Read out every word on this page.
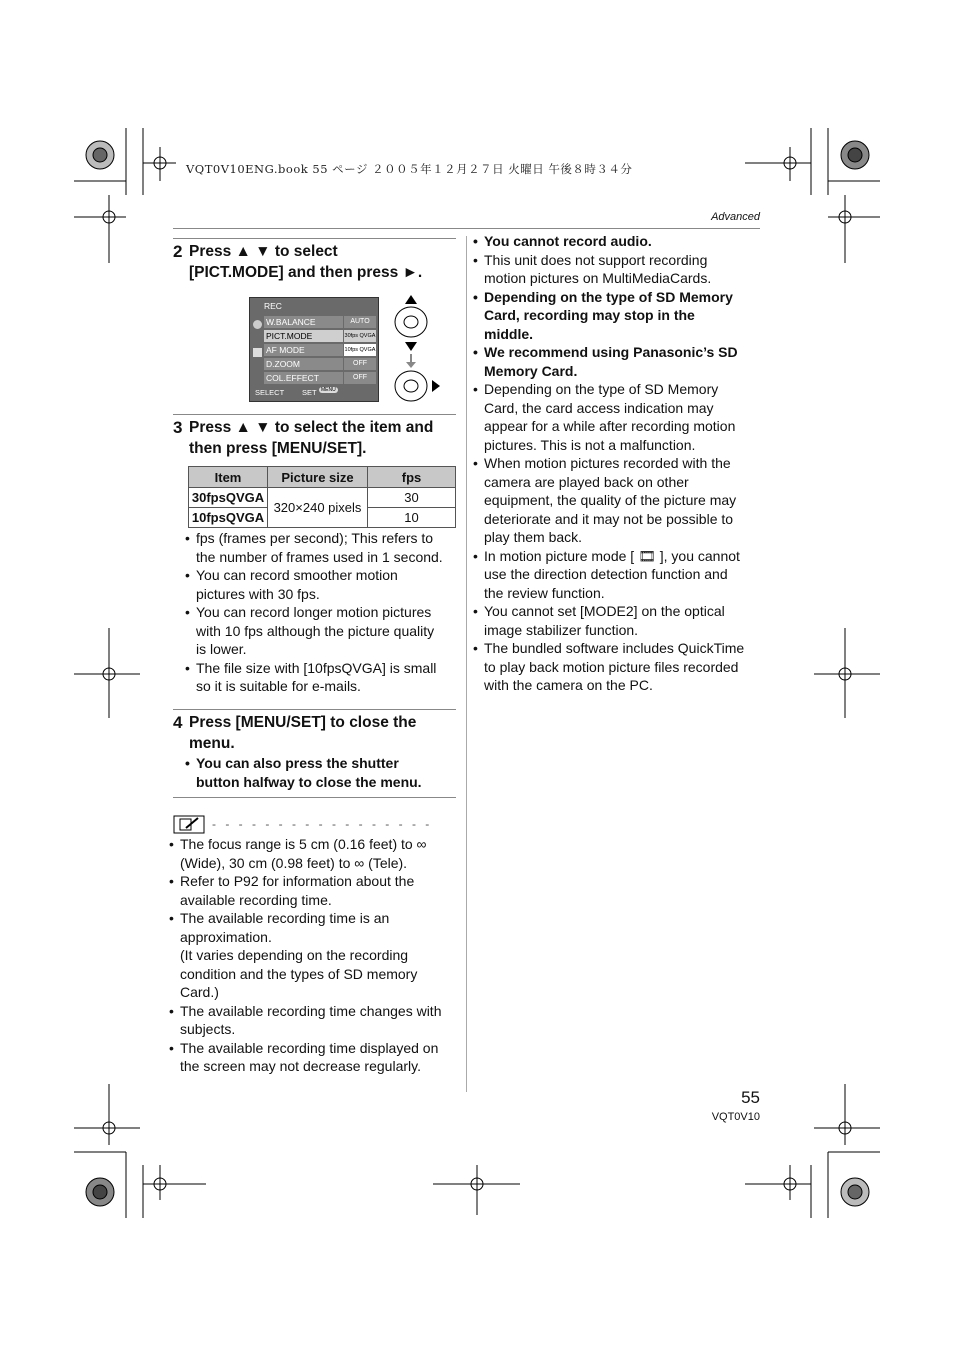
VQT0V10ENG.book 55 ページ ２００５年１２月２７日 火曜日 午後８時３４分
Advanced
2 Press ▲ ▼ to select
[PICT.MODE] and then press ►.
REC
W.BALANCE	AUTO
PICT.MODE	30fps QVGA
AF MODE	10fps QVGA
D.ZOOM	OFF
COL.EFFECT	OFF
SELECT SET MENU
3 Press ▲ ▼ to select the item and
then press [MENU/SET].
Item	Picture size	fps
30fpsQVGA	320×240 pixels	30
10fpsQVGA		10
• fps (frames per second); This refers to
the number of frames used in 1 second.
• You can record smoother motion
pictures with 30 fps.
• You can record longer motion pictures
with 10 fps although the picture quality
is lower.
• The file size with [10fpsQVGA] is small
so it is suitable for e-mails.
4 Press [MENU/SET] to close the
menu.
• You can also press the shutter
button halfway to close the menu.
- - - - - - - - - - - - - - - - -
• The focus range is 5 cm (0.16 feet) to ∞
(Wide), 30 cm (0.98 feet) to ∞ (Tele).
• Refer to P92 for information about the
available recording time.
• The available recording time is an
approximation.
(It varies depending on the recording
condition and the types of SD memory
Card.)
• The available recording time changes with
subjects.
• The available recording time displayed on
the screen may not decrease regularly.
• You cannot record audio.
• This unit does not support recording
motion pictures on MultiMediaCards.
• Depending on the type of SD Memory
Card, recording may stop in the
middle.
• We recommend using Panasonic’s SD
Memory Card.
• Depending on the type of SD Memory
Card, the card access indication may
appear for a while after recording motion
pictures. This is not a malfunction.
• When motion pictures recorded with the
camera are played back on other
equipment, the quality of the picture may
deteriorate and it may not be possible to
play them back.
• In motion picture mode [ 🎞 ], you cannot
use the direction detection function and
the review function.
• You cannot set [MODE2] on the optical
image stabilizer function.
• The bundled software includes QuickTime
to play back motion picture files recorded
with the camera on the PC.
55
VQT0V10
